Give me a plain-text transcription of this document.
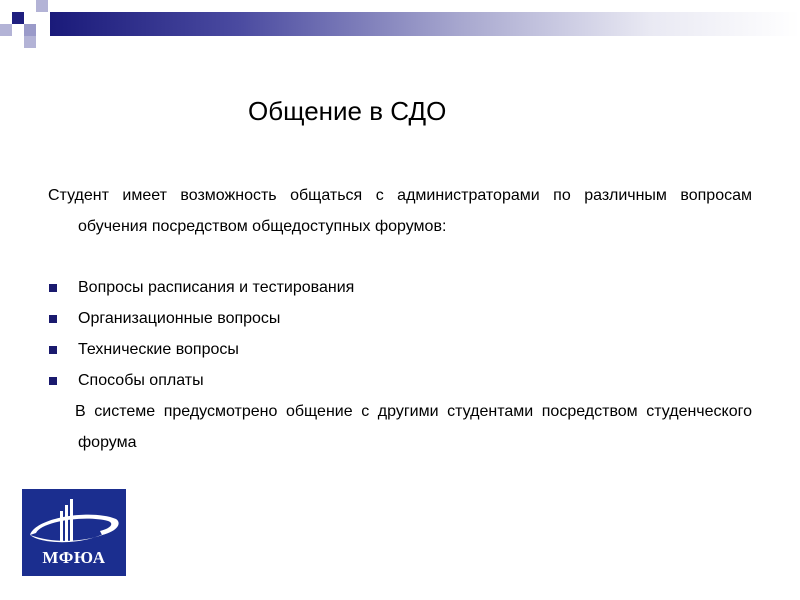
Общение в СДО

Студент имеет возможность общаться с администраторами по различным вопросам обучения посредством общедоступных форумов:

Вопросы расписания и тестирования
Организационные вопросы
Технические вопросы
Способы оплаты

В системе предусмотрено общение с другими студентами посредством студенческого форума

МФЮА
